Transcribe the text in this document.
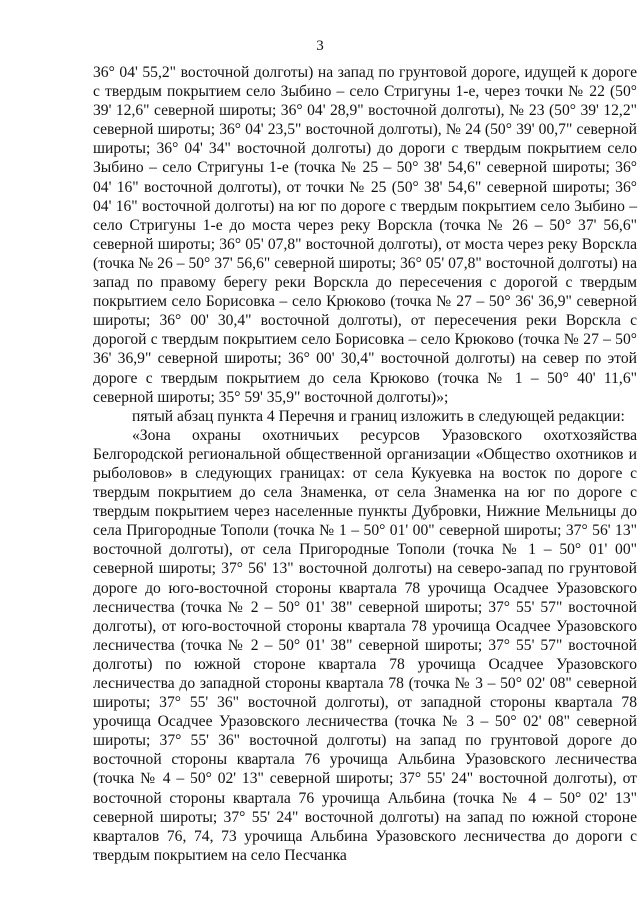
3

36° 04' 55,2" восточной долготы) на запад по грунтовой дороге, идущей к дороге с твердым покрытием село Зыбино – село Стригуны 1-е, через точки № 22 (50° 39' 12,6" северной широты; 36° 04' 28,9" восточной долготы), № 23 (50° 39' 12,2" северной широты; 36° 04' 23,5" восточной долготы), № 24 (50° 39' 00,7" северной широты; 36° 04' 34" восточной долготы) до дороги с твердым покрытием село Зыбино – село Стригуны 1-е (точка № 25 – 50° 38' 54,6" северной широты; 36° 04' 16" восточной долготы), от точки № 25 (50° 38' 54,6" северной широты; 36° 04' 16" восточной долготы) на юг по дороге с твердым покрытием село Зыбино – село Стригуны 1-е до моста через реку Ворскла (точка № 26 – 50° 37' 56,6" северной широты; 36° 05' 07,8" восточной долготы), от моста через реку Ворскла (точка № 26 – 50° 37' 56,6" северной широты; 36° 05' 07,8" восточной долготы) на запад по правому берегу реки Ворскла до пересечения с дорогой с твердым покрытием село Борисовка – село Крюково (точка № 27 – 50° 36' 36,9" северной широты; 36° 00' 30,4" восточной долготы), от пересечения реки Ворскла с дорогой с твердым покрытием село Борисовка – село Крюково (точка № 27 – 50° 36' 36,9" северной широты; 36° 00' 30,4" восточной долготы) на север по этой дороге с твердым покрытием до села Крюково (точка № 1 – 50° 40' 11,6" северной широты; 35° 59' 35,9" восточной долготы)»;

пятый абзац пункта 4 Перечня и границ изложить в следующей редакции:

«Зона охраны охотничьих ресурсов Уразовского охотхозяйства Белгородской региональной общественной организации «Общество охотников и рыболовов» в следующих границах: от села Кукуевка на восток по дороге с твердым покрытием до села Знаменка, от села Знаменка на юг по дороге с твердым покрытием через населенные пункты Дубровки, Нижние Мельницы до села Пригородные Тополи (точка № 1 – 50° 01' 00" северной широты; 37° 56' 13" восточной долготы), от села Пригородные Тополи (точка № 1 – 50° 01' 00" северной широты; 37° 56' 13" восточной долготы) на северо-запад по грунтовой дороге до юго-восточной стороны квартала 78 урочища Осадчее Уразовского лесничества (точка № 2 – 50° 01' 38" северной широты; 37° 55' 57" восточной долготы), от юго-восточной стороны квартала 78 урочища Осадчее Уразовского лесничества (точка № 2 – 50° 01' 38" северной широты; 37° 55' 57" восточной долготы) по южной стороне квартала 78 урочища Осадчее Уразовского лесничества до западной стороны квартала 78 (точка № 3 – 50° 02' 08" северной широты; 37° 55' 36" восточной долготы), от западной стороны квартала 78 урочища Осадчее Уразовского лесничества (точка № 3 – 50° 02' 08" северной широты; 37° 55' 36" восточной долготы) на запад по грунтовой дороге до восточной стороны квартала 76 урочища Альбина Уразовского лесничества (точка № 4 – 50° 02' 13" северной широты; 37° 55' 24" восточной долготы), от восточной стороны квартала 76 урочища Альбина (точка № 4 – 50° 02' 13" северной широты; 37° 55' 24" восточной долготы) на запад по южной стороне кварталов 76, 74, 73 урочища Альбина Уразовского лесничества до дороги с твердым покрытием на село Песчанка
